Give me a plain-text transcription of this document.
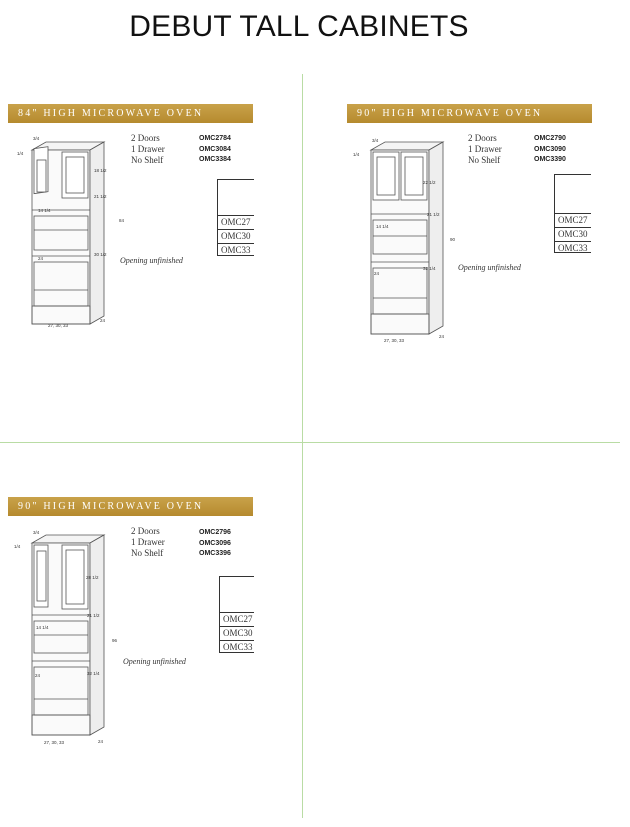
DEBUT TALL CABINETS
84" HIGH MICROWAVE OVEN
3/4
1/4
18 1/2
21 1/2
84
14 1/4
30 1/2
24
27, 30, 33
24
2 Doors
1 Drawer
No Shelf
OMC2784
OMC3084
OMC3384
OMC27
OMC30
OMC33
Opening unfinished
90" HIGH MICROWAVE OVEN
3/4
1/4
22 1/2
21 1/2
90
14 1/4
32 1/4
24
27, 30, 33
24
2 Doors
1 Drawer
No Shelf
OMC2790
OMC3090
OMC3390
OMC27
OMC30
OMC33
Opening unfinished
90" HIGH MICROWAVE OVEN
3/4
1/4
28 1/2
21 1/2
96
14 1/4
32 1/4
24
27, 30, 33	24
2 Doors
1 Drawer
No Shelf
OMC2796
OMC3096
OMC3396
OMC27
OMC30
OMC33
Opening unfinished
